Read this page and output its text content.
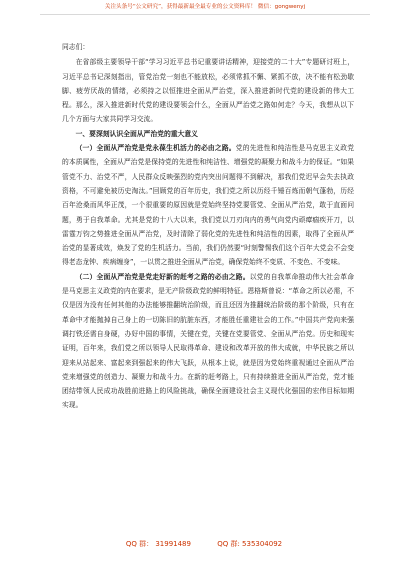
关注头条号“公文研究”，获得最新最全最专业的公文资料库！ 微信：gongwenyj

同志们：

在省部级主要领导干部“学习习近平总书记重要讲话精神，迎接党的二十大”专题研讨班上，习近平总书记深刻指出，管党治党一刻也不能放松，必须常抓不懈、紧抓不放，决不能有松劲歇脚、疲劳厌战的情绪，必须持之以恒推进全面从严治党，深入推进新时代党的建设新的伟大工程。那么，深入推进新时代党的建设要领会什么，全面从严治党之路如何走？今天，我想从以下几个方面与大家共同学习交流。

一、要深刻认识全面从严治党的重大意义

（一）全面从严治党是党永葆生机活力的必由之路。党的先进性和纯洁性是马克思主义政党的本质属性，全面从严治党是保持党的先进性和纯洁性、增强党的凝聚力和战斗力的保证。“如果管党不力、治党不严，人民群众反映强烈的党内突出问题得不到解决，那我们党迟早会失去执政资格，不可避免被历史淘汰。”回顾党的百年历史，我们党之所以历经千锤百炼而朝气蓬勃，历经百年沧桑而风华正茂，一个很重要的原因就是党始终坚持党要管党、全面从严治党，敢于直面问题，勇于自我革命。尤其是党的十八大以来，我们党以刀刃向内的勇气向党内顽瘴痼疾开刀，以雷霆万钧之势推进全面从严治党，及时清除了弱化党的先进性和纯洁性的因素，取得了全面从严治党的显著成效，焕发了党的生机活力。当前，我们仍然要“时刻警惕我们这个百年大党会不会变得老态龙钟、疾病缠身”，一以贯之推进全面从严治党，确保党始终不变质、不变色、不变味。

（二）全面从严治党是党走好新的赶考之路的必由之路。以党的自我革命推动伟大社会革命是马克思主义政党的内在要求，是无产阶级政党的鲜明特征。恩格斯曾说：“革命之所以必需，不仅是因为没有任何其他的办法能够推翻统治阶级，而且还因为推翻统治阶级的那个阶级，只有在革命中才能抛掉自己身上的一切陈旧的肮脏东西，才能胜任重建社会的工作。”中国共产党向来强调打铁还需自身硬，办好中国的事情，关键在党，关键在党要管党、全面从严治党。历史和现实证明，百年来，我们党之所以领导人民取得革命、建设和改革开放的伟大成就，中华民族之所以迎来从站起来、富起来到强起来的伟大飞跃，从根本上说，就是因为党始终重视通过全面从严治党来增强党的创造力、凝聚力和战斗力。在新的赶考路上，只有持续推进全面从严治党，党才能团结带领人民成功战胜前进路上的风险挑战，确保全面建设社会主义现代化强国的宏伟目标如期实现。

QQ 群： 31991489	QQ 群: 535304092
